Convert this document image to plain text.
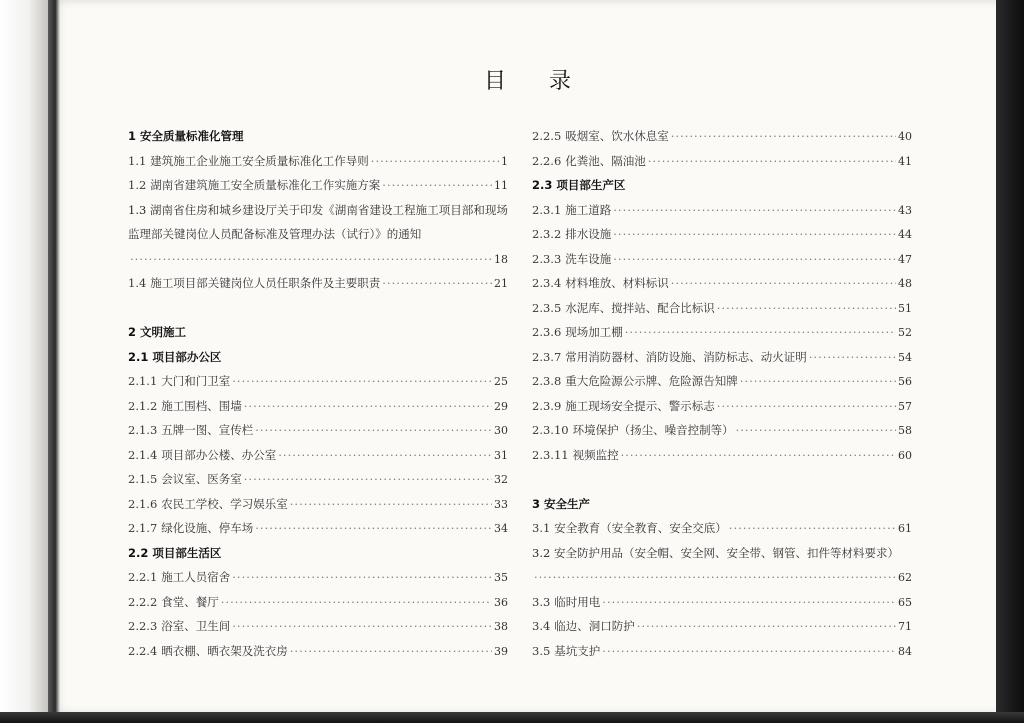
目 录
1 安全质量标准化管理
1.1 建筑施工企业施工安全质量标准化工作导则 ·····	1
1.2 湖南省建筑施工安全质量标准化工作实施方案 ·····	11
1.3 湖南省住房和城乡建设厅关于印发《湖南省建设工程施工项目部和现场监理部关键岗位人员配备标准及管理办法（试行）》的通知
·····
18
1.4 施工项目部关键岗位人员任职条件及主要职责 ·····	21
2 文明施工
2.1 项目部办公区
2.1.1 大门和门卫室 ·····	25
2.1.2 施工围档、围墙 ·····	29
2.1.3 五牌一图、宣传栏 ·····	30
2.1.4 项目部办公楼、办公室 ·····	31
2.1.5 会议室、医务室 ·····	32
2.1.6 农民工学校、学习娱乐室 ·····	33
2.1.7 绿化设施、停车场 ·····	34
2.2 项目部生活区
2.2.1 施工人员宿舍 ·····	35
2.2.2 食堂、餐厅 ·····	36
2.2.3 浴室、卫生间 ·····	38
2.2.4 晒衣棚、晒衣架及洗衣房 ·····	39
2.2.5 吸烟室、饮水休息室 ·····	40
2.2.6 化粪池、隔油池 ·····	41
2.3 项目部生产区
2.3.1 施工道路 ·····	43
2.3.2 排水设施 ·····	44
2.3.3 洗车设施 ·····	47
2.3.4 材料堆放、材料标识 ·····	48
2.3.5 水泥库、搅拌站、配合比标识 ·····	51
2.3.6 现场加工棚 ·····	52
2.3.7 常用消防器材、消防设施、消防标志、动火证明 ·····	54
2.3.8 重大危险源公示牌、危险源告知牌 ·····	56
2.3.9 施工现场安全提示、警示标志 ·····	57
2.3.10 环境保护（扬尘、噪音控制等） ·····	58
2.3.11 视频监控 ·····	60
3 安全生产
3.1 安全教育（安全教育、安全交底） ·····	61
3.2 安全防护用品（安全帽、安全网、安全带、钢管、扣件等材料要求）
·····
62
3.3 临时用电 ·····	65
3.4 临边、洞口防护 ·····	71
3.5 基坑支护 ·····	84
